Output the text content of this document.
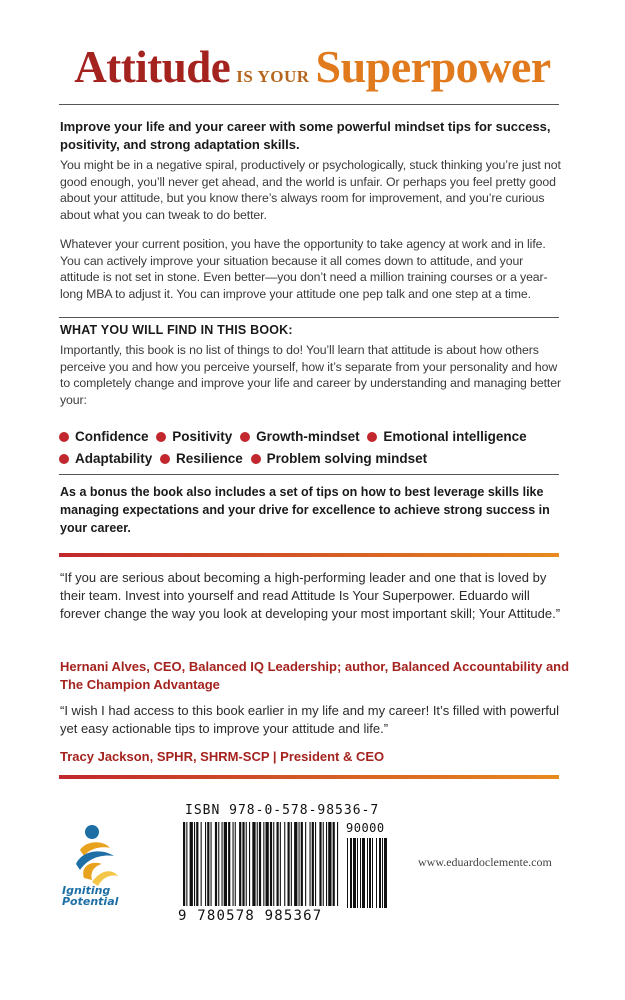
Attitude IS YOUR Superpower
Improve your life and your career with some powerful mindset tips for success, positivity, and strong adaptation skills.
You might be in a negative spiral, productively or psychologically, stuck thinking you’re just not good enough, you’ll never get ahead, and the world is unfair. Or perhaps you feel pretty good about your attitude, but you know there’s always room for improvement, and you’re curious about what you can tweak to do better.
Whatever your current position, you have the opportunity to take agency at work and in life. You can actively improve your situation because it all comes down to attitude, and your attitude is not set in stone. Even better—you don’t need a million training courses or a year-long MBA to adjust it. You can improve your attitude one pep talk and one step at a time.
WHAT YOU WILL FIND IN THIS BOOK:
Importantly, this book is no list of things to do! You’ll learn that attitude is about how others perceive you and how you perceive yourself, how it’s separate from your personality and how to completely change and improve your life and career by understanding and managing better your:
Confidence
Positivity
Growth-mindset
Emotional intelligence
Adaptability
Resilience
Problem solving mindset
As a bonus the book also includes a set of tips on how to best leverage skills like managing expectations and your drive for excellence to achieve strong success in your career.
“If you are serious about becoming a high-performing leader and one that is loved by their team. Invest into yourself and read Attitude Is Your Superpower. Eduardo will forever change the way you look at developing your most important skill; Your Attitude.”
Hernani Alves, CEO, Balanced IQ Leadership; author, Balanced Accountability and The Champion Advantage
“I wish I had access to this book earlier in my life and my career! It’s filled with powerful yet easy actionable tips to improve your attitude and life.”
Tracy Jackson, SPHR, SHRM-SCP | President & CEO
Igniting
Potential
ISBN 978-0-578-98536-7
9 780578 985367
90000
www.eduardoclemente.com
